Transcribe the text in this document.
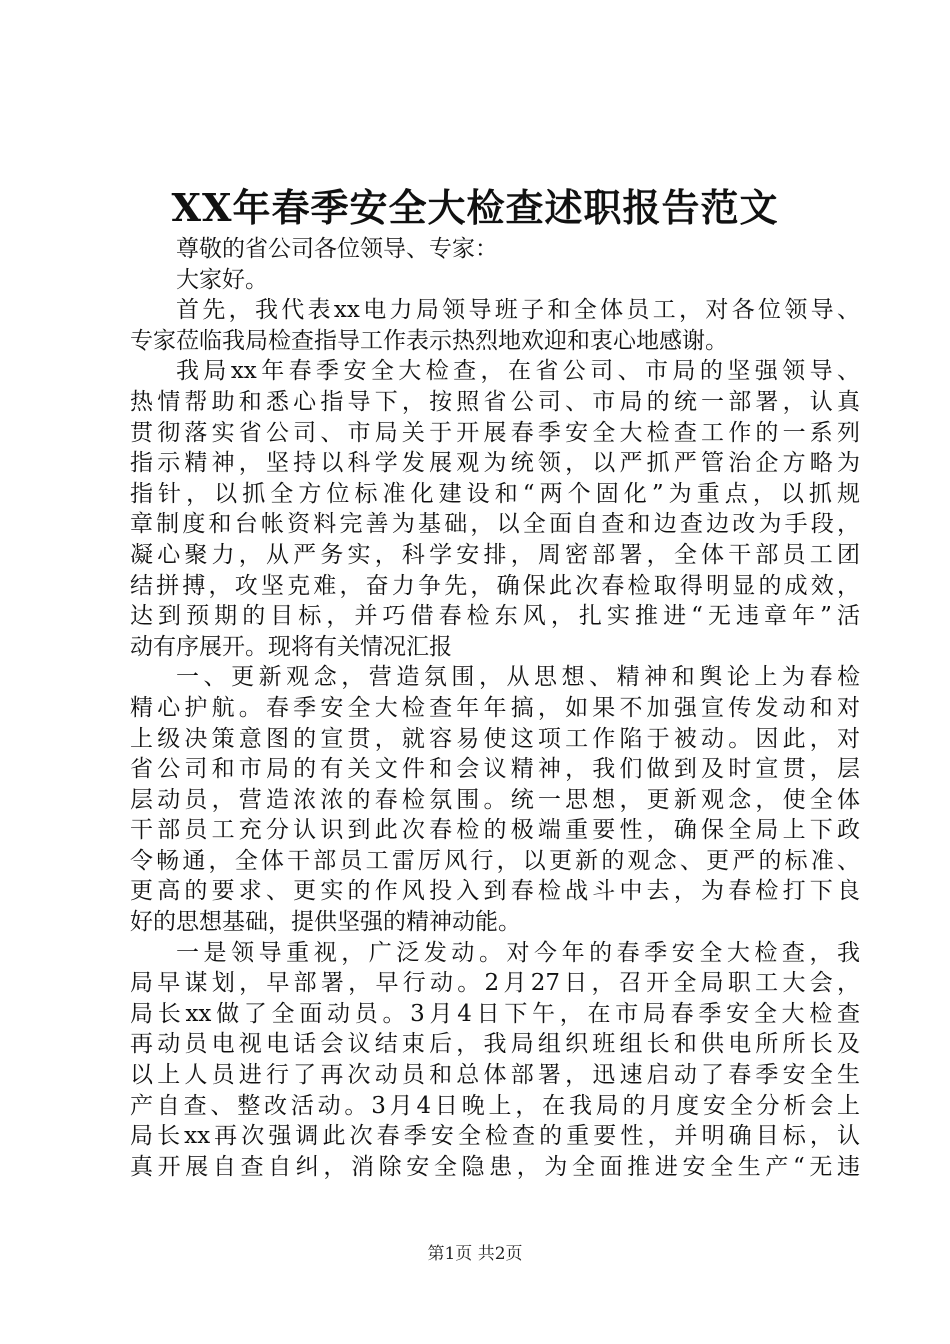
XX年春季安全大检查述职报告范文
尊敬的省公司各位领导、专家：
大家好。
首先，我代表xx电力局领导班子和全体员工，对各位领导、
专家莅临我局检查指导工作表示热烈地欢迎和衷心地感谢。
我局xx年春季安全大检查，在省公司、市局的坚强领导、
热情帮助和悉心指导下，按照省公司、市局的统一部署，认真
贯彻落实省公司、市局关于开展春季安全大检查工作的一系列
指示精神，坚持以科学发展观为统领，以严抓严管治企方略为
指针，以抓全方位标准化建设和“两个固化”为重点，以抓规
章制度和台帐资料完善为基础，以全面自查和边查边改为手段，
凝心聚力，从严务实，科学安排，周密部署，全体干部员工团
结拼搏，攻坚克难，奋力争先，确保此次春检取得明显的成效，
达到预期的目标，并巧借春检东风，扎实推进“无违章年”活
动有序展开。现将有关情况汇报
一、更新观念，营造氛围，从思想、精神和舆论上为春检
精心护航。春季安全大检查年年搞，如果不加强宣传发动和对
上级决策意图的宣贯，就容易使这项工作陷于被动。因此，对
省公司和市局的有关文件和会议精神，我们做到及时宣贯，层
层动员，营造浓浓的春检氛围。统一思想，更新观念，使全体
干部员工充分认识到此次春检的极端重要性，确保全局上下政
令畅通，全体干部员工雷厉风行，以更新的观念、更严的标准、
更高的要求、更实的作风投入到春检战斗中去，为春检打下良
好的思想基础，提供坚强的精神动能。
一是领导重视，广泛发动。对今年的春季安全大检查，我
局早谋划，早部署，早行动。2月27日，召开全局职工大会，
局长xx做了全面动员。3月4日下午，在市局春季安全大检查
再动员电视电话会议结束后，我局组织班组长和供电所所长及
以上人员进行了再次动员和总体部署，迅速启动了春季安全生
产自查、整改活动。3月4日晚上，在我局的月度安全分析会上
局长xx再次强调此次春季安全检查的重要性，并明确目标，认
真开展自查自纠，消除安全隐患，为全面推进安全生产“无违
第1页 共2页
